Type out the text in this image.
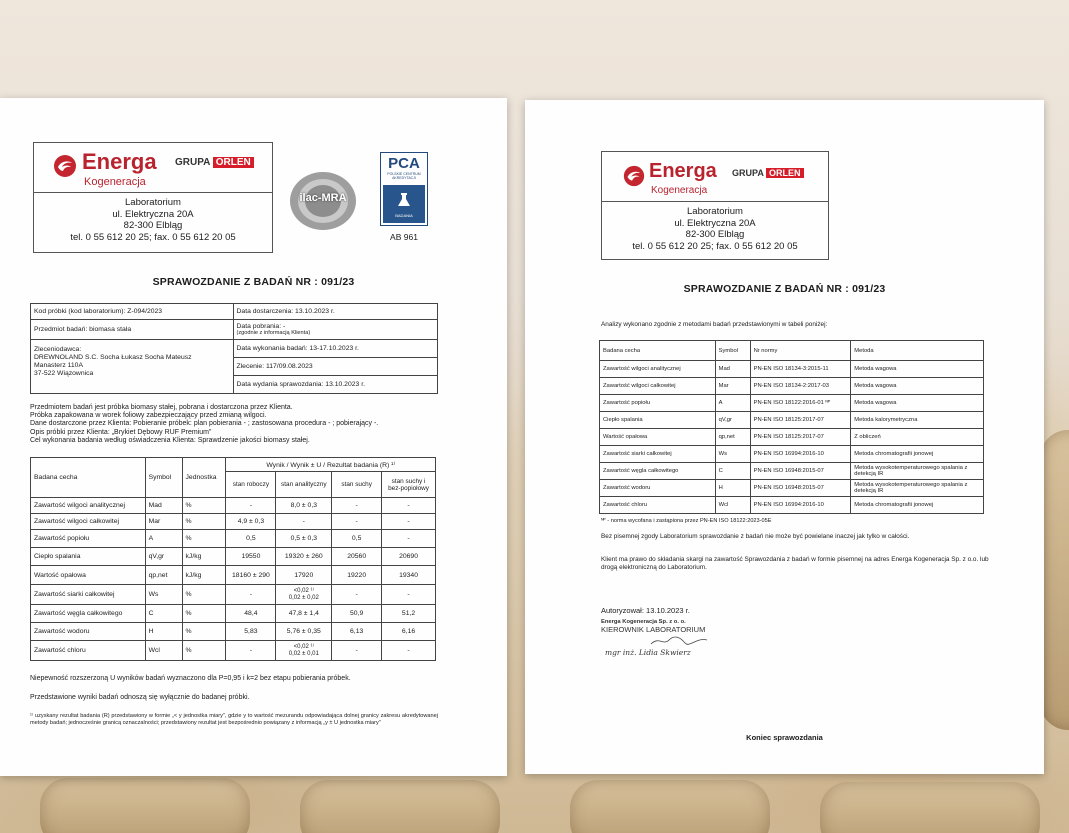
Energa
Kogeneracja
GRUPA ORLEN
Laboratorium
ul. Elektryczna 20A
82-300 Elbląg
tel. 0 55 612 20 25; fax. 0 55 612 20 05
ilac-MRA
PCA
POLSKIE CENTRUM AKREDYTACJI
BADANIA
AB 961
SPRAWOZDANIE Z BADAŃ NR : 091/23
Kod próbki (kod laboratorium): Z-094/2023	Data dostarczenia: 13.10.2023 r.
Przedmiot badań: biomasa stała	Data pobrania: -
(zgodnie z informacją Klienta)

Zleceniodawca:
DREWNOLAND S.C. Socha Łukasz Socha Mateusz
Manasterz 110A
37-522 Wiązownica	Data wykonania badań: 13-17.10.2023 r.
	Zlecenie: 117/09.08.2023
	Data wydania sprawozdania: 13.10.2023 r.
Przedmiotem badań jest próbka biomasy stałej, pobrana i dostarczona przez Klienta.
Próbka zapakowana w worek foliowy zabezpieczający przed zmianą wilgoci.
Dane dostarczone przez Klienta: Pobieranie próbek: plan pobierania - ; zastosowana procedura - ; pobierający -.
Opis próbki przez Klienta: „Brykiet Dębowy RUF Premium”
Cel wykonania badania według oświadczenia Klienta: Sprawdzenie jakości biomasy stałej.
Badana cecha	Symbol	Jednostka	Wynik / Wynik ± U / Rezultat badania (R) ¹⁾			
			stan roboczy	stan analityczny	stan suchy	stan suchy i bez-popiołowy
Zawartość wilgoci analitycznej	Mad	%	-	8,0 ± 0,3	-	-
Zawartość wilgoci całkowitej	Mar	%	4,9 ± 0,3	-	-	-
Zawartość popiołu	A	%	0,5	0,5 ± 0,3	0,5	-
Ciepło spalania	qV,gr	kJ/kg	19550	19320 ± 260	20560	20690
Wartość opałowa	qp,net	kJ/kg	18160 ± 290	17920	19220	19340
Zawartość siarki całkowitej	Ws	%	-	<0,02 ¹⁾
0,02 ± 0,02	-	-
Zawartość węgla całkowitego	C	%	48,4	47,8 ± 1,4	50,9	51,2
Zawartość wodoru	H	%	5,83	5,76 ± 0,35	6,13	6,16
Zawartość chloru	Wcl	%	-	<0,02 ¹⁾
0,02 ± 0,01	-	-
Niepewność rozszerzoną U wyników badań wyznaczono dla P=0,95 i k=2 bez etapu pobierania próbek.
Przedstawione wyniki badań odnoszą się wyłącznie do badanej próbki.
¹⁾ uzyskany rezultat badania (R) przedstawiony w formie „< y jednostka miary”, gdzie y to wartość mezurandu odpowiadająca dolnej granicy zakresu akredytowanej metody badań; jednocześnie granicą oznaczalności; przedstawiony rezultat jest bezpośrednio powiązany z informacją „y ± U jednostka miary”
Energa
Kogeneracja
GRUPA ORLEN
Laboratorium
ul. Elektryczna 20A
82-300 Elbląg
tel. 0 55 612 20 25; fax. 0 55 612 20 05
SPRAWOZDANIE Z BADAŃ NR : 091/23
Analizy wykonano zgodnie z metodami badań przedstawionymi w tabeli poniżej:
Badana cecha	Symbol	Nr normy	Metoda
Zawartość wilgoci analitycznej	Mad	PN-EN ISO 18134-3:2015-11	Metoda wagowa
Zawartość wilgoci całkowitej	Mar	PN-EN ISO 18134-2:2017-03	Metoda wagowa
Zawartość popiołu	A	PN-EN ISO 18122:2016-01 ᴺᴾ	Metoda wagowa
Ciepło spalania	qV,gr	PN-EN ISO 18125:2017-07	Metoda kalorymetryczna
Wartość opałowa	qp,net	PN-EN ISO 18125:2017-07	Z obliczeń
Zawartość siarki całkowitej	Ws	PN-EN ISO 16994:2016-10	Metoda chromatografii jonowej
Zawartość węgla całkowitego	C	PN-EN ISO 16948:2015-07	Metoda wysokotemperaturowego spalania z detekcją IR
Zawartość wodoru	H	PN-EN ISO 16948:2015-07	Metoda wysokotemperaturowego spalania z detekcją IR
Zawartość chloru	Wcl	PN-EN ISO 16994:2016-10	Metoda chromatografii jonowej
ᴺᴾ - norma wycofana i zastąpiona przez PN-EN ISO 18122:2023-05E
Bez pisemnej zgody Laboratorium sprawozdanie z badań nie może być powielane inaczej jak tylko w całości.
Klient ma prawo do składania skargi na zawartość Sprawozdania z badań w formie pisemnej na adres Energa Kogeneracja Sp. z o.o. lub drogą elektroniczną do Laboratorium.
Autoryzował: 13.10.2023 r.
Energa Kogeneracja Sp. z o. o.
KIEROWNIK LABORATORIUM
mgr inż. Lidia Skwierz
Koniec sprawozdania
